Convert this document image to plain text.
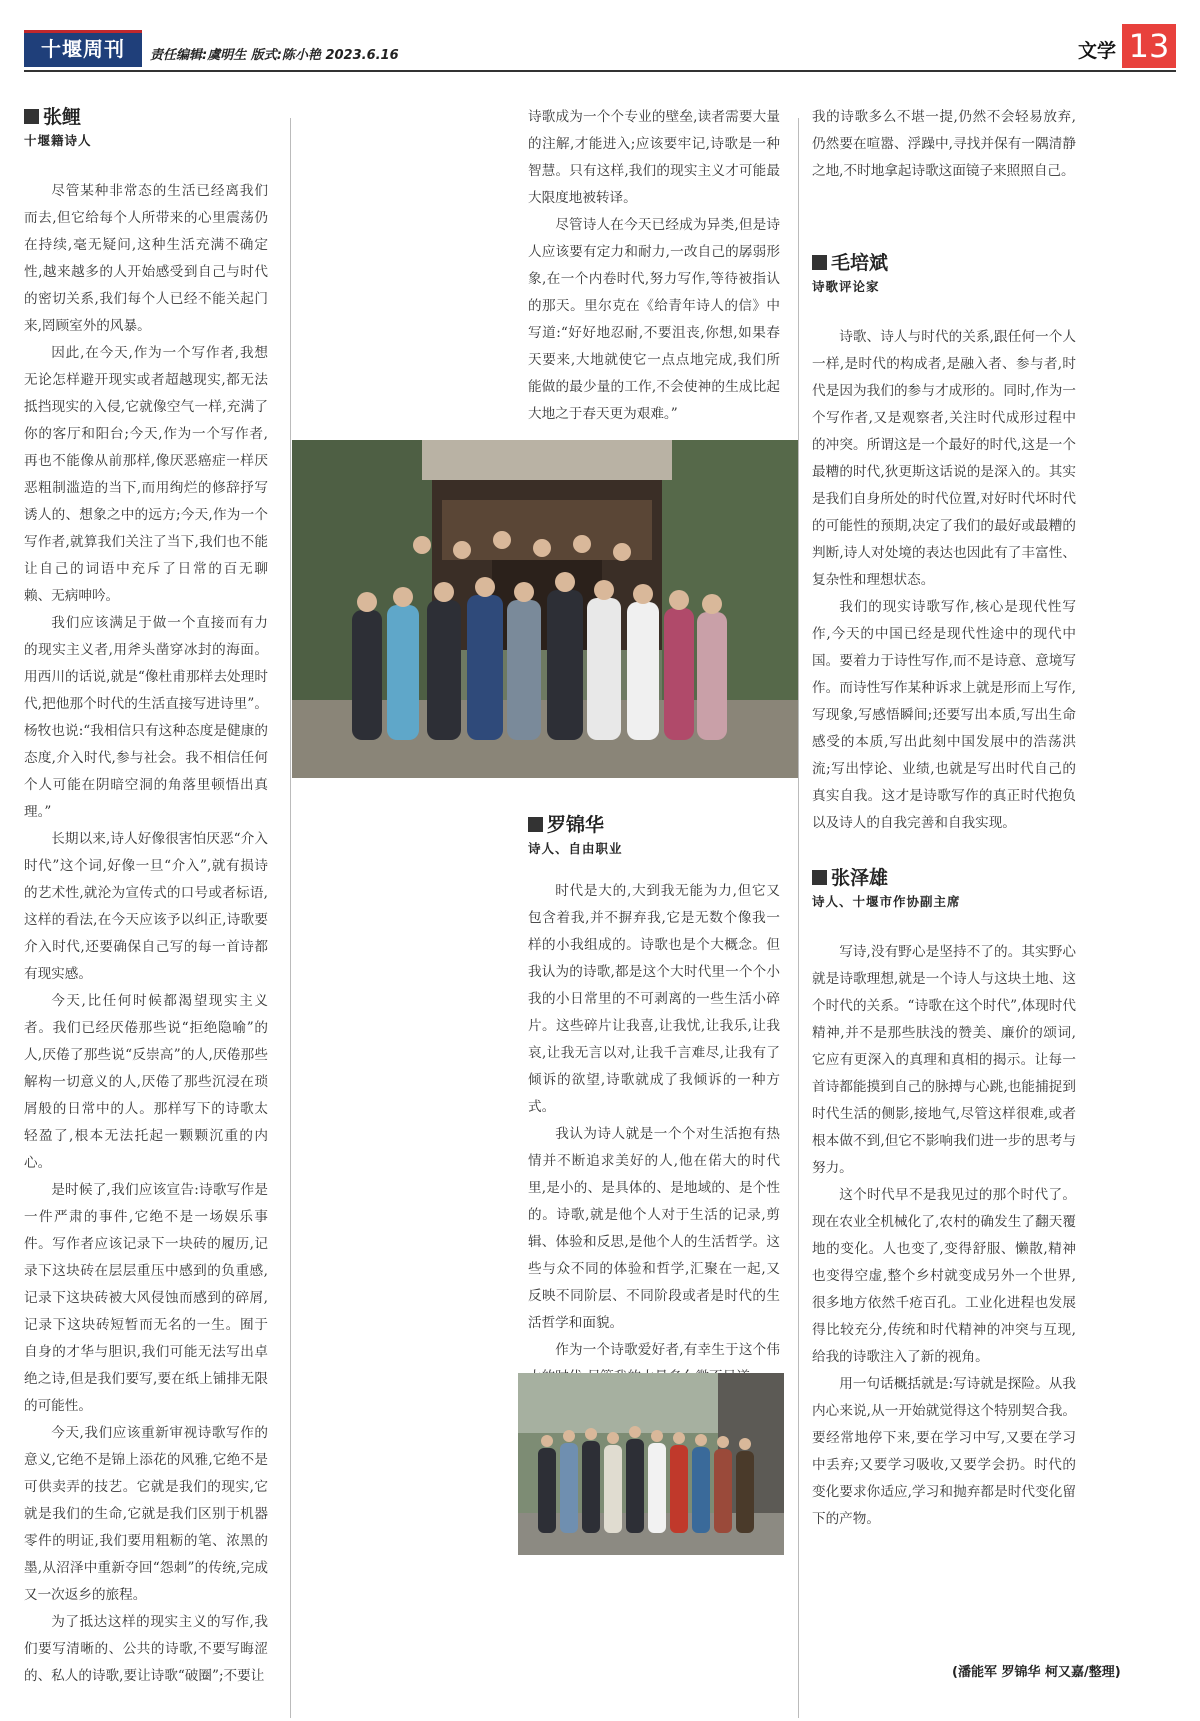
十堰周刊	责任编辑:虞明生 版式:陈小艳 2023.6.16	文学 13
张鲤
十堰籍诗人

尽管某种非常态的生活已经离我们而去,但它给每个人所带来的心里震荡仍在持续,毫无疑问,这种生活充满不确定性,越来越多的人开始感受到自己与时代的密切关系,我们每个人已经不能关起门来,罔顾室外的风暴。

因此,在今天,作为一个写作者,我想无论怎样避开现实或者超越现实,都无法抵挡现实的入侵,它就像空气一样,充满了你的客厅和阳台;今天,作为一个写作者,再也不能像从前那样,像厌恶癌症一样厌恶粗制滥造的当下,而用绚烂的修辞抒写诱人的、想象之中的远方;今天,作为一个写作者,就算我们关注了当下,我们也不能让自己的词语中充斥了日常的百无聊赖、无病呻吟。

我们应该满足于做一个直接而有力的现实主义者,用斧头凿穿冰封的海面。用西川的话说,就是“像杜甫那样去处理时代,把他那个时代的生活直接写进诗里”。杨牧也说:“我相信只有这种态度是健康的态度,介入时代,参与社会。我不相信任何个人可能在阴暗空洞的角落里顿悟出真理。”

长期以来,诗人好像很害怕厌恶“介入时代”这个词,好像一旦“介入”,就有损诗的艺术性,就沦为宣传式的口号或者标语,这样的看法,在今天应该予以纠正,诗歌要介入时代,还要确保自己写的每一首诗都有现实感。

今天,比任何时候都渴望现实主义者。我们已经厌倦那些说“拒绝隐喻”的人,厌倦了那些说“反崇高”的人,厌倦那些解构一切意义的人,厌倦了那些沉浸在琐屑般的日常中的人。那样写下的诗歌太轻盈了,根本无法托起一颗颗沉重的内心。

是时候了,我们应该宣告:诗歌写作是一件严肃的事件,它绝不是一场娱乐事件。写作者应该记录下一块砖的履历,记录下这块砖在层层重压中感到的负重感,记录下这块砖被大风侵蚀而感到的碎屑,记录下这块砖短暂而无名的一生。囿于自身的才华与胆识,我们可能无法写出卓绝之诗,但是我们要写,要在纸上铺排无限的可能性。

今天,我们应该重新审视诗歌写作的意义,它绝不是锦上添花的风雅,它绝不是可供卖弄的技艺。它就是我们的现实,它就是我们的生命,它就是我们区别于机器零件的明证,我们要用粗粝的笔、浓黑的墨,从沼泽中重新夺回“怨刺”的传统,完成又一次返乡的旅程。

为了抵达这样的现实主义的写作,我们要写清晰的、公共的诗歌,不要写晦涩的、私人的诗歌,要让诗歌“破圈”;不要让

诗歌成为一个个专业的壁垒,读者需要大量的注解,才能进入;应该要牢记,诗歌是一种智慧。只有这样,我们的现实主义才可能最大限度地被转译。

尽管诗人在今天已经成为异类,但是诗人应该要有定力和耐力,一改自己的孱弱形象,在一个内卷时代,努力写作,等待被指认的那天。里尔克在《给青年诗人的信》中写道:“好好地忍耐,不要沮丧,你想,如果春天要来,大地就使它一点点地完成,我们所能做的最少量的工作,不会使神的生成比起大地之于春天更为艰难。”

罗锦华
诗人、自由职业

时代是大的,大到我无能为力,但它又包含着我,并不摒弃我,它是无数个像我一样的小我组成的。诗歌也是个大概念。但我认为的诗歌,都是这个大时代里一个个小我的小日常里的不可剥离的一些生活小碎片。这些碎片让我喜,让我忧,让我乐,让我哀,让我无言以对,让我千言难尽,让我有了倾诉的欲望,诗歌就成了我倾诉的一种方式。

我认为诗人就是一个个对生活抱有热情并不断追求美好的人,他在偌大的时代里,是小的、是具体的、是地域的、是个性的。诗歌,就是他个人对于生活的记录,剪辑、体验和反思,是他个人的生活哲学。这些与众不同的体验和哲学,汇聚在一起,又反映不同阶层、不同阶段或者是时代的生活哲学和面貌。

作为一个诗歌爱好者,有幸生于这个伟

我的诗歌多么不堪一提,仍然不会轻易放弃,仍然要在喧嚣、浮躁中,寻找并保有一隅清静之地,不时地拿起诗歌这面镜子来照照自己。

毛培斌
诗歌评论家

诗歌、诗人与时代的关系,跟任何一个人一样,是时代的构成者,是融入者、参与者,时代是因为我们的参与才成形的。同时,作为一个写作者,又是观察者,关注时代成形过程中的冲突。所谓这是一个最好的时代,这是一个最糟的时代,狄更斯这话说的是深入的。其实是我们自身所处的时代位置,对好时代坏时代的可能性的预期,决定了我们的最好或最糟的判断,诗人对处境的表达也因此有了丰富性、复杂性和理想状态。

我们的现实诗歌写作,核心是现代性写作,今天的中国已经是现代性途中的现代中国。要着力于诗性写作,而不是诗意、意境写作。而诗性写作某种诉求上就是形而上写作,写现象,写感悟瞬间;还要写出本质,写出生命感受的本质,写出此刻中国发展中的浩荡洪流;写出悖论、业绩,也就是写出时代自己的真实自我。这才是诗歌写作的真正时代抱负以及诗人的自我完善和自我实现。

张泽雄
诗人、十堰市作协副主席

写诗,没有野心是坚持不了的。其实野心就是诗歌理想,就是一个诗人与这块土地、这个时代的关系。“诗歌在这个时代”,体现时代精神,并不是那些肤浅的赞美、廉价的颂词,它应有更深入的真理和真相的揭示。让每一首诗都能摸到自己的脉搏与心跳,也能捕捉到时代生活的侧影,接地气,尽管这样很难,或者根本做不到,但它不影响我们进一步的思考与努力。

这个时代早不是我见过的那个时代了。现在农业全机械化了,农村的确发生了翻天覆地的变化。人也变了,变得舒服、懒散,精神也变得空虚,整个乡村就变成另外一个世界,很多地方依然千疮百孔。工业化进程也发展得比较充分,传统和时代精神的冲突与互现,给我的诗歌注入了新的视角。

用一句话概括就是:写诗就是探险。从我内心来说,从一开始就觉得这个特别契合我。要经常地停下来,要在学习中写,又要在学习中丢弃;又要学习吸收,又要学会扔。时代的变化要求你适应,学习和抛弃都是时代变化留下的产物。

(潘能军 罗锦华 柯又嘉/整理)
